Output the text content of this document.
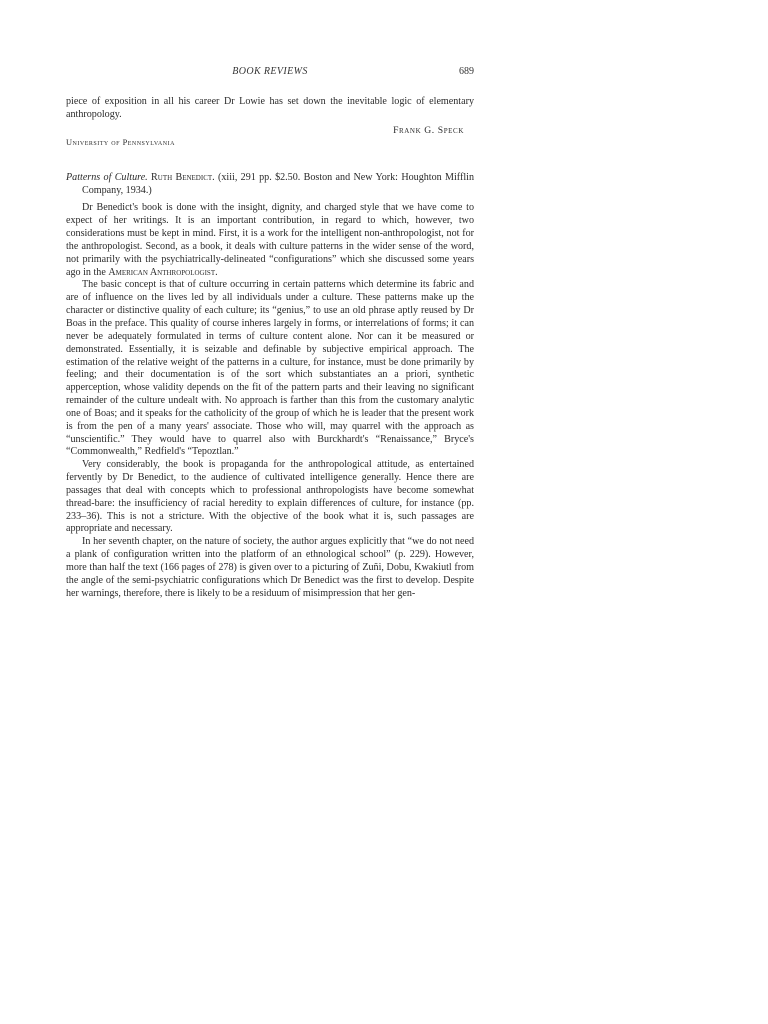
BOOK REVIEWS	689

piece of exposition in all his career Dr Lowie has set down the inevitable logic of elementary anthropology.

Frank G. Speck
University of Pennsylvania

Patterns of Culture. Ruth Benedict. (xiii, 291 pp. $2.50. Boston and New York: Houghton Mifflin Company, 1934.)

Dr Benedict's book is done with the insight, dignity, and charged style that we have come to expect of her writings. It is an important contribution, in regard to which, however, two considerations must be kept in mind. First, it is a work for the intelligent non-anthropologist, not for the anthropologist. Second, as a book, it deals with culture patterns in the wider sense of the word, not primarily with the psychiatrically-delineated “configurations” which she discussed some years ago in the American Anthropologist.

The basic concept is that of culture occurring in certain patterns which determine its fabric and are of influence on the lives led by all individuals under a culture. These patterns make up the character or distinctive quality of each culture; its “genius,” to use an old phrase aptly reused by Dr Boas in the preface. This quality of course inheres largely in forms, or interrelations of forms; it can never be adequately formulated in terms of culture content alone. Nor can it be measured or demonstrated. Essentially, it is seizable and definable by subjective empirical approach. The estimation of the relative weight of the patterns in a culture, for instance, must be done primarily by feeling; and their documentation is of the sort which substantiates an a priori, synthetic apperception, whose validity depends on the fit of the pattern parts and their leaving no significant remainder of the culture undealt with. No approach is farther than this from the customary analytic one of Boas; and it speaks for the catholicity of the group of which he is leader that the present work is from the pen of a many years' associate. Those who will, may quarrel with the approach as “unscientific.” They would have to quarrel also with Burckhardt's “Renaissance,” Bryce's “Commonwealth,” Redfield's “Tepoztlan.”

Very considerably, the book is propaganda for the anthropological attitude, as entertained fervently by Dr Benedict, to the audience of cultivated intelligence generally. Hence there are passages that deal with concepts which to professional anthropologists have become somewhat thread-bare: the insufficiency of racial heredity to explain differences of culture, for instance (pp. 233–36). This is not a stricture. With the objective of the book what it is, such passages are appropriate and necessary.

In her seventh chapter, on the nature of society, the author argues explicitly that “we do not need a plank of configuration written into the platform of an ethnological school” (p. 229). However, more than half the text (166 pages of 278) is given over to a picturing of Zuñi, Dobu, Kwakiutl from the angle of the semi-psychiatric configurations which Dr Benedict was the first to develop. Despite her warnings, therefore, there is likely to be a residuum of misimpression that her gen-
